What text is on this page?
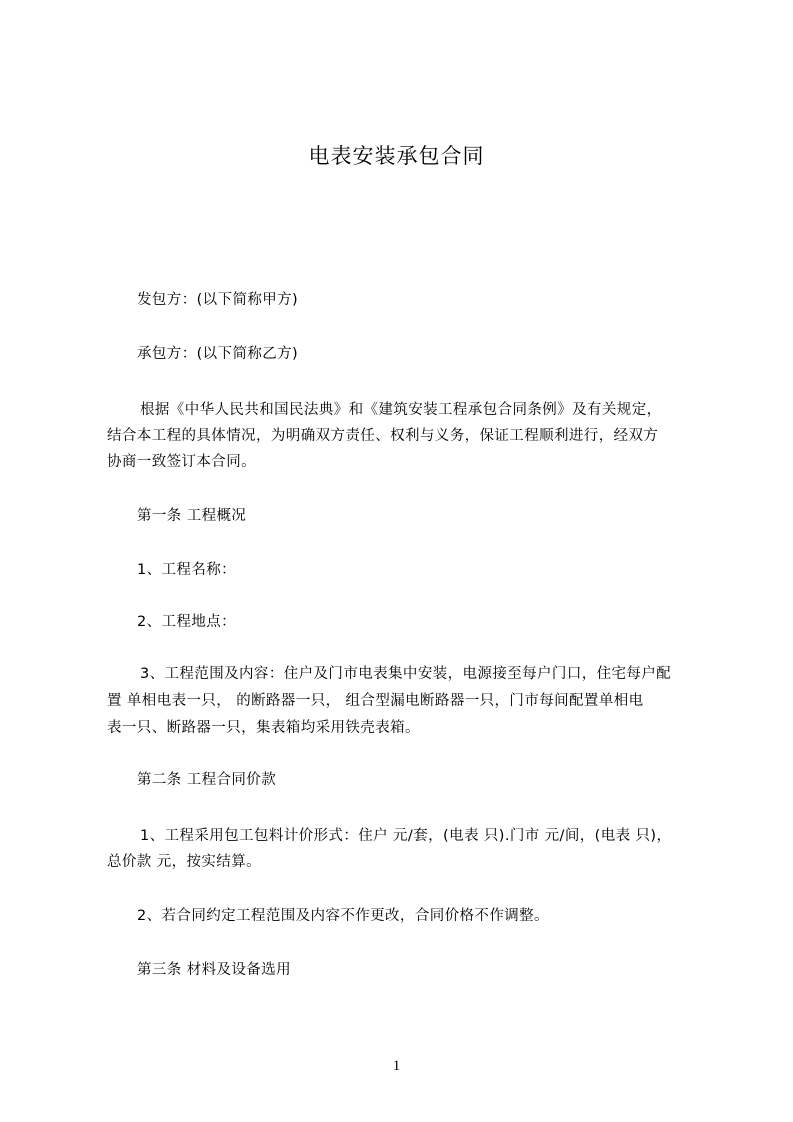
电表安装承包合同
发包方：(以下简称甲方)
承包方：(以下简称乙方)
根据《中华人民共和国民法典》和《建筑安装工程承包合同条例》及有关规定，
结合本工程的具体情况，为明确双方责任、权利与义务，保证工程顺利进行，经双方
协商一致签订本合同。
第一条 工程概况
1、工程名称：
2、工程地点：
3、工程范围及内容：住户及门市电表集中安装，电源接至每户门口，住宅每户配
置 单相电表一只， 的断路器一只， 组合型漏电断路器一只，门市每间配置单相电
表一只、断路器一只，集表箱均采用铁壳表箱。
第二条 工程合同价款
1、工程采用包工包料计价形式：住户 元/套，(电表 只).门市 元/间，(电表 只)，
总价款 元，按实结算。
2、若合同约定工程范围及内容不作更改，合同价格不作调整。
第三条 材料及设备选用
1
